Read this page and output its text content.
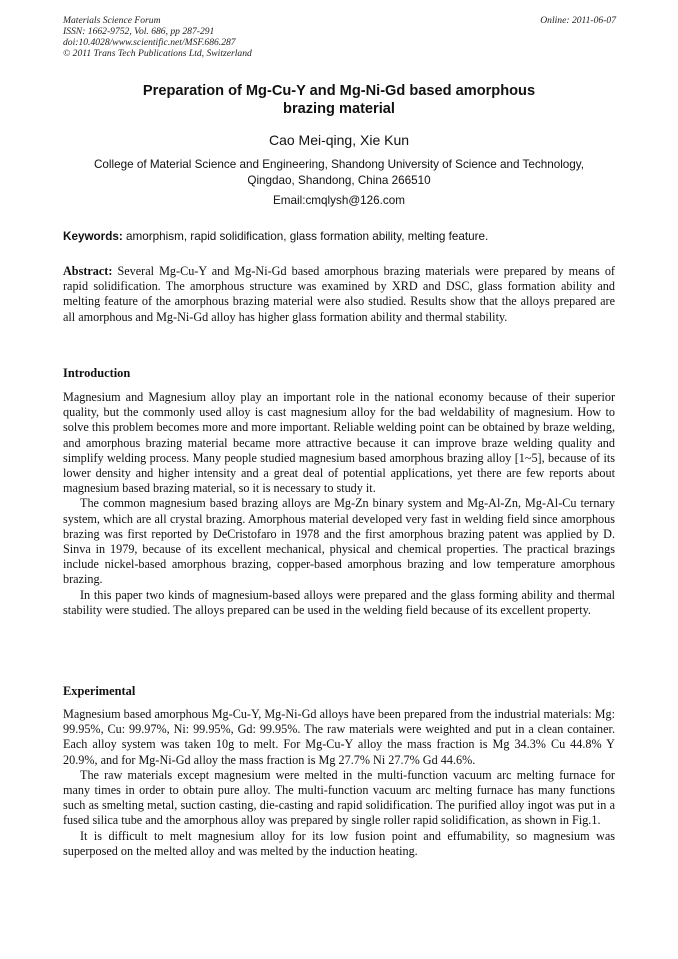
Materials Science Forum
ISSN: 1662-9752, Vol. 686, pp 287-291
doi:10.4028/www.scientific.net/MSF.686.287
© 2011 Trans Tech Publications Ltd, Switzerland
Online: 2011-06-07
Preparation of Mg-Cu-Y and Mg-Ni-Gd based amorphous
brazing material
Cao Mei-qing, Xie Kun
College of Material Science and Engineering, Shandong University of Science and Technology,
Qingdao, Shandong, China 266510
Email:cmqlysh@126.com
Keywords: amorphism, rapid solidification, glass formation ability, melting feature.

Abstract: Several Mg-Cu-Y and Mg-Ni-Gd based amorphous brazing materials were prepared by means of rapid solidification. The amorphous structure was examined by XRD and DSC, glass formation ability and melting feature of the amorphous brazing material were also studied. Results show that the alloys prepared are all amorphous and Mg-Ni-Gd alloy has higher glass formation ability and thermal stability.

Introduction

Magnesium and Magnesium alloy play an important role in the national economy because of their superior quality, but the commonly used alloy is cast magnesium alloy for the bad weldability of magnesium. How to solve this problem becomes more and more important. Reliable welding point can be obtained by braze welding, and amorphous brazing material became more attractive because it can improve braze welding quality and simplify welding process. Many people studied magnesium based amorphous brazing alloy [1~5], because of its lower density and higher intensity and a great deal of potential applications, yet there are few reports about magnesium based brazing material, so it is necessary to study it.

The common magnesium based brazing alloys are Mg-Zn binary system and Mg-Al-Zn, Mg-Al-Cu ternary system, which are all crystal brazing. Amorphous material developed very fast in welding field since amorphous brazing was first reported by DeCristofaro in 1978 and the first amorphous brazing patent was applied by D. Sinva in 1979, because of its excellent mechanical, physical and chemical properties. The practical brazings include nickel-based amorphous brazing, copper-based amorphous brazing and low temperature amorphous brazing.

In this paper two kinds of magnesium-based alloys were prepared and the glass forming ability and thermal stability were studied. The alloys prepared can be used in the welding field because of its excellent property.

Experimental

Magnesium based amorphous Mg-Cu-Y, Mg-Ni-Gd alloys have been prepared from the industrial materials: Mg: 99.95%, Cu: 99.97%, Ni: 99.95%, Gd: 99.95%. The raw materials were weighted and put in a clean container. Each alloy system was taken 10g to melt. For Mg-Cu-Y alloy the mass fraction is Mg 34.3% Cu 44.8% Y 20.9%, and for Mg-Ni-Gd alloy the mass fraction is Mg 27.7% Ni 27.7% Gd 44.6%.

The raw materials except magnesium were melted in the multi-function vacuum arc melting furnace for many times in order to obtain pure alloy. The multi-function vacuum arc melting furnace has many functions such as smelting metal, suction casting, die-casting and rapid solidification. The purified alloy ingot was put in a fused silica tube and the amorphous alloy was prepared by single roller rapid solidification, as shown in Fig.1.

It is difficult to melt magnesium alloy for its low fusion point and effumability, so magnesium was superposed on the melted alloy and was melted by the induction heating.
